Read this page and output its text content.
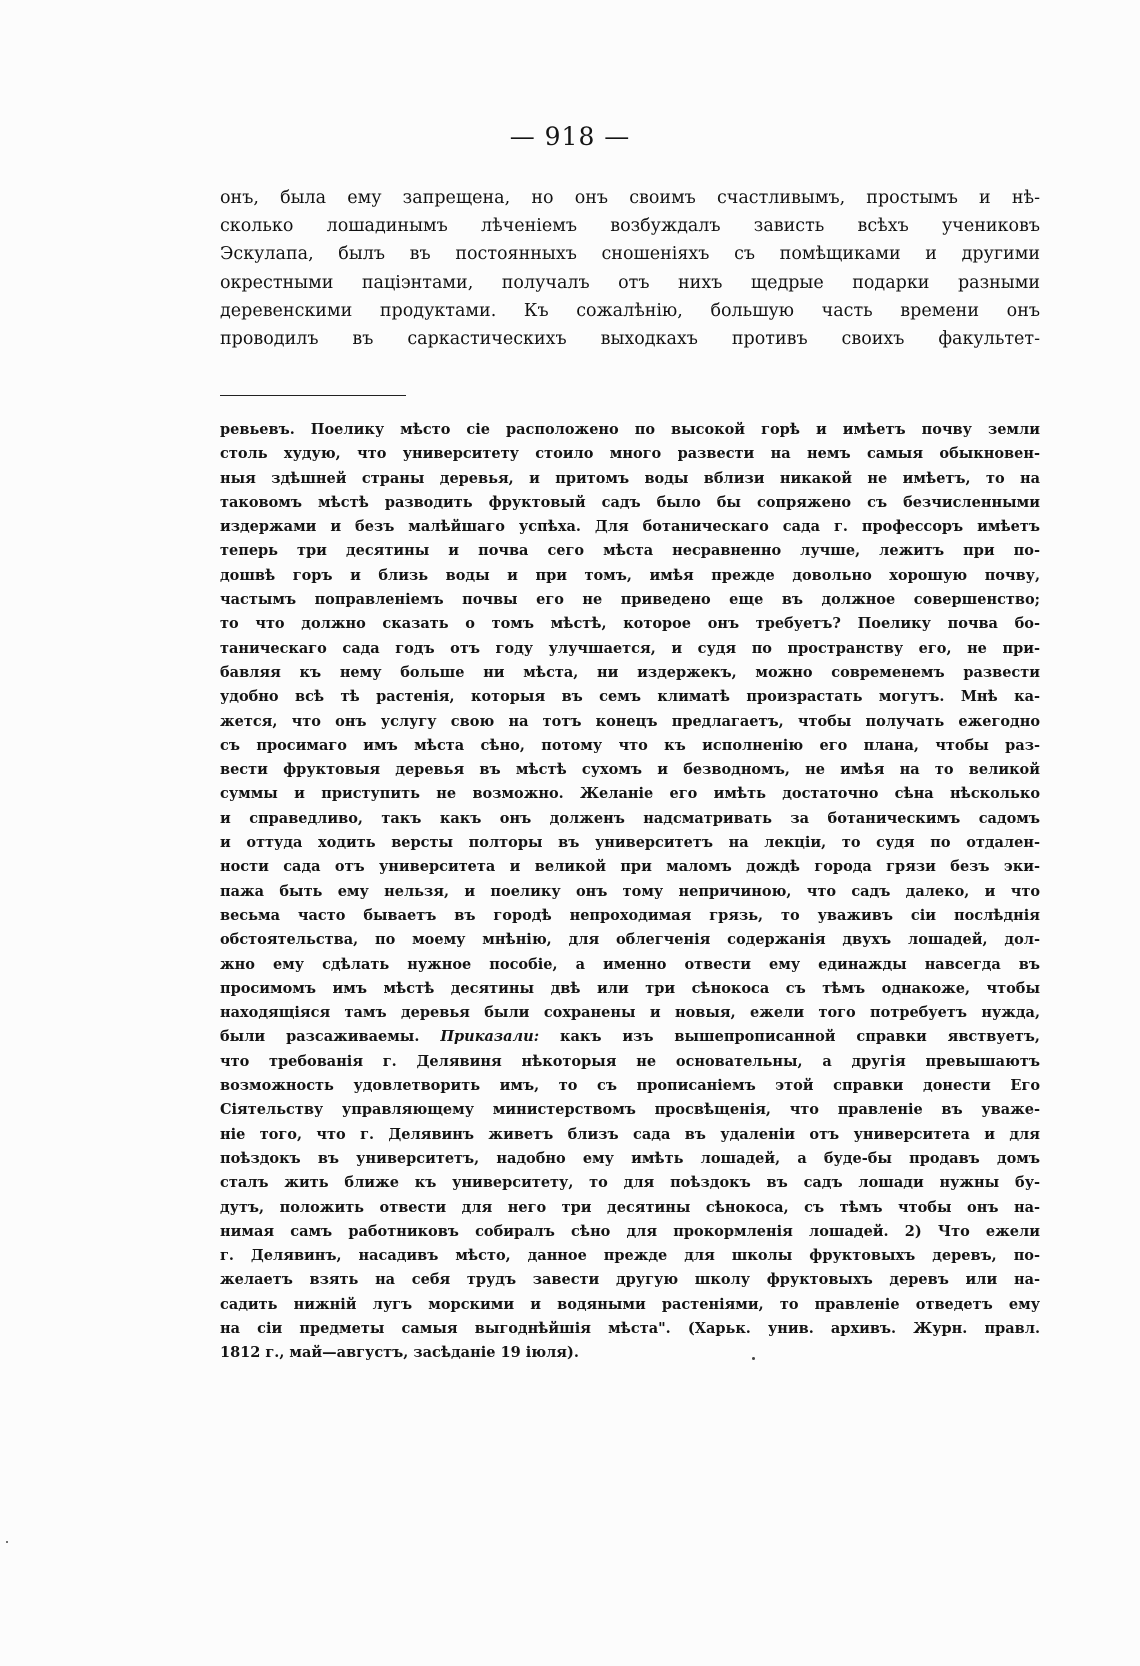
— 918 —
онъ, была ему запрещена, но онъ своимъ счастливымъ, простымъ и нѣ-
сколько лошадинымъ лѣченіемъ возбуждалъ зависть всѣхъ учениковъ
Эскулапа, былъ въ постоянныхъ сношеніяхъ съ помѣщиками и другими
окрестными паціэнтами, получалъ отъ нихъ щедрые подарки разными
деревенскими продуктами. Къ сожалѣнію, большую часть времени онъ
проводилъ въ саркастическихъ выходкахъ противъ своихъ факультет-
ревьевъ. Поелику мѣсто сіе расположено по высокой горѣ и имѣетъ почву земли
столь худую, что университету стоило много развести на немъ самыя обыкновен-
ныя здѣшней страны деревья, и притомъ воды вблизи никакой не имѣетъ, то на
таковомъ мѣстѣ разводить фруктовый садъ было бы сопряжено съ безчисленными
издержами и безъ малѣйшаго успѣха. Для ботаническаго сада г. профессоръ имѣетъ
теперь три десятины и почва сего мѣста несравненно лучше, лежитъ при по-
дошвѣ горъ и близь воды и при томъ, имѣя прежде довольно хорошую почву,
частымъ поправленіемъ почвы его не приведено еще въ должное совершенство;
то что должно сказать о томъ мѣстѣ, которое онъ требуетъ? Поелику почва бо-
таническаго сада годъ отъ году улучшается, и судя по пространству его, не при-
бавляя къ нему больше ни мѣста, ни издержекъ, можно современемъ развести
удобно всѣ тѣ растенія, которыя въ семъ климатѣ произрастать могутъ. Мнѣ ка-
жется, что онъ услугу свою на тотъ конецъ предлагаетъ, чтобы получать ежегодно
съ просимаго имъ мѣста сѣно, потому что къ исполненію его плана, чтобы раз-
вести фруктовыя деревья въ мѣстѣ сухомъ и безводномъ, не имѣя на то великой
суммы и приступить не возможно. Желаніе его имѣть достаточно сѣна нѣсколько
и справедливо, такъ какъ онъ долженъ надсматривать за ботаническимъ садомъ
и оттуда ходить версты полторы въ университетъ на лекціи, то судя по отдален-
ности сада отъ университета и великой при маломъ дождѣ города грязи безъ эки-
пажа быть ему нельзя, и поелику онъ тому непричиною, что садъ далеко, и что
весьма часто бываетъ въ городѣ непроходимая грязь, то уваживъ сіи послѣднія
обстоятельства, по моему мнѣнію, для облегченія содержанія двухъ лошадей, дол-
жно ему сдѣлать нужное пособіе, а именно отвести ему единажды навсегда въ
просимомъ имъ мѣстѣ десятины двѣ или три сѣнокоса съ тѣмъ однакоже, чтобы
находящіяся тамъ деревья были сохранены и новыя, ежели того потребуетъ нужда,
были разсаживаемы. Приказали: какъ изъ вышепрописанной справки явствуетъ,
что требованія г. Делявиня нѣкоторыя не основательны, а другія превышаютъ
возможность удовлетворить имъ, то съ прописаніемъ этой справки донести Его
Сіятельству управляющему министерствомъ просвѣщенія, что правленіе въ уваже-
ніе того, что г. Делявинъ живетъ близъ сада въ удаленіи отъ университета и для
поѣздокъ въ университетъ, надобно ему имѣть лошадей, а буде-бы продавъ домъ
сталъ жить ближе къ университету, то для поѣздокъ въ садъ лошади нужны бу-
дутъ, положить отвести для него три десятины сѣнокоса, съ тѣмъ чтобы онъ на-
нимая самъ работниковъ собиралъ сѣно для прокормленія лошадей. 2) Что ежели
г. Делявинъ, насадивъ мѣсто, данное прежде для школы фруктовыхъ деревъ, по-
желаетъ взять на себя трудъ завести другую школу фруктовыхъ деревъ или на-
садить нижній лугъ морскими и водяными растеніями, то правленіе отведетъ ему
на сіи предметы самыя выгоднѣйшія мѣста". (Харьк. унив. архивъ. Журн. правл.
1812 г., май—августъ, засѣданіе 19 іюля).
